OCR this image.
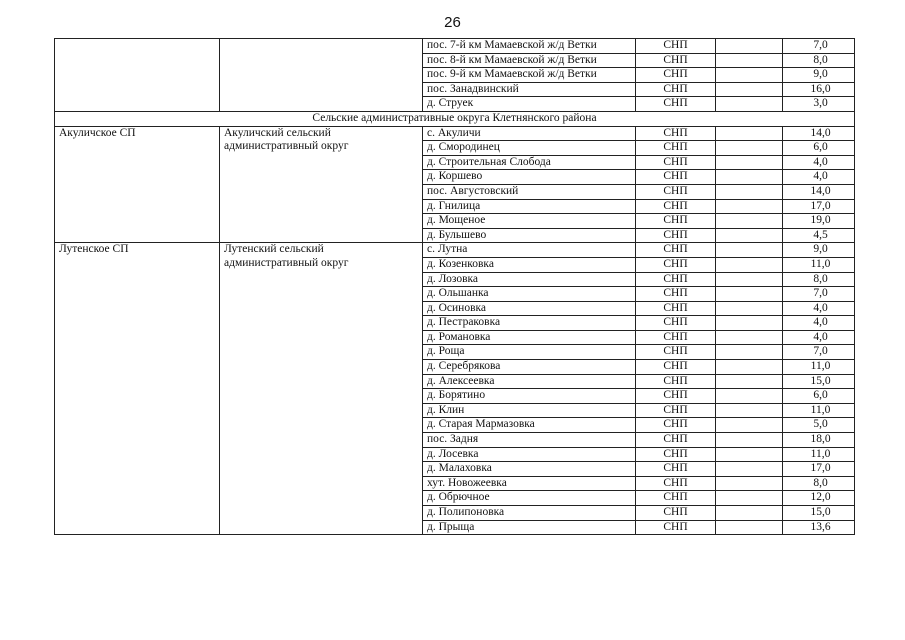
26
		пос. 7-й км Мамаевской ж/д Ветки	СНП		7,0
		пос. 8-й км Мамаевской ж/д Ветки	СНП		8,0
		пос. 9-й км Мамаевской ж/д Ветки	СНП		9,0
		пос. Занадвинский	СНП		16,0
		д. Струек	СНП		3,0
Сельские административные округа Клетнянского района					
Акуличское СП	Акуличский сельский административный округ	с. Акуличи	СНП		14,0
		д. Смородинец	СНП		6,0
		д. Строительная Слобода	СНП		4,0
		д. Коршево	СНП		4,0
		пос. Августовский	СНП		14,0
		д. Гнилица	СНП		17,0
		д. Мощеное	СНП		19,0
		д. Бульшево	СНП		4,5
Лутенское СП	Лутенский сельский административный округ	с. Лутна	СНП		9,0
		д. Козенковка	СНП		11,0
		д. Лозовка	СНП		8,0
		д. Ольшанка	СНП		7,0
		д. Осиновка	СНП		4,0
		д. Пестраковка	СНП		4,0
		д. Романовка	СНП		4,0
		д. Роща	СНП		7,0
		д. Серебрякова	СНП		11,0
		д. Алексеевка	СНП		15,0
		д. Борятино	СНП		6,0
		д. Клин	СНП		11,0
		д. Старая Мармазовка	СНП		5,0
		пос. Задня	СНП		18,0
		д. Лосевка	СНП		11,0
		д. Малаховка	СНП		17,0
		хут. Новожеевка	СНП		8,0
		д. Обрючное	СНП		12,0
		д. Полипоновка	СНП		15,0
		д. Прыща	СНП		13,6
